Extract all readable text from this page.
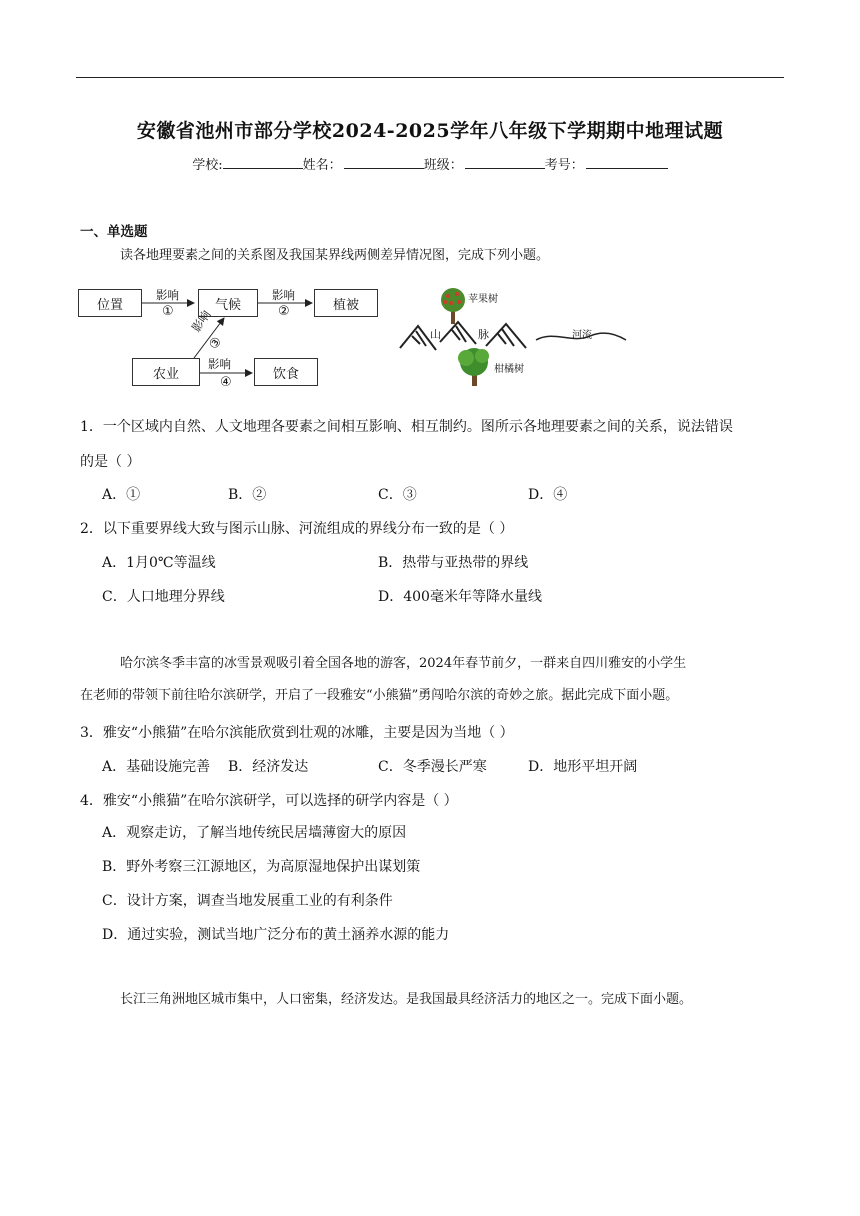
安徽省池州市部分学校2024-2025学年八年级下学期期中地理试题
学校:	姓名：	班级：	考号：
一、单选题
读各地理要素之间的关系图及我国某界线两侧差异情况图，完成下列小题。
位置	气候	植被
农业	饮食
影响
①
影响
②
影响
③
影响
④
苹果树
山	脉	河流
柑橘树
1．一个区域内自然、人文地理各要素之间相互影响、相互制约。图所示各地理要素之间的关系，说法错误
的是（ ）
A．①	B．②	C．③	D．④
2．以下重要界线大致与图示山脉、河流组成的界线分布一致的是（ ）
A．1月0℃等温线	B．热带与亚热带的界线
C．人口地理分界线	D．400毫米年等降水量线
哈尔滨冬季丰富的冰雪景观吸引着全国各地的游客，2024年春节前夕，一群来自四川雅安的小学生
在老师的带领下前往哈尔滨研学，开启了一段雅安“小熊猫”勇闯哈尔滨的奇妙之旅。据此完成下面小题。
3．雅安“小熊猫”在哈尔滨能欣赏到壮观的冰雕，主要是因为当地（ ）
A．基础设施完善 B．经济发达	C．冬季漫长严寒	D．地形平坦开阔
4．雅安“小熊猫”在哈尔滨研学，可以选择的研学内容是（ ）
A．观察走访，了解当地传统民居墙薄窗大的原因
B．野外考察三江源地区，为高原湿地保护出谋划策
C．设计方案，调查当地发展重工业的有利条件
D．通过实验，测试当地广泛分布的黄土涵养水源的能力
长江三角洲地区城市集中，人口密集，经济发达。是我国最具经济活力的地区之一。完成下面小题。
